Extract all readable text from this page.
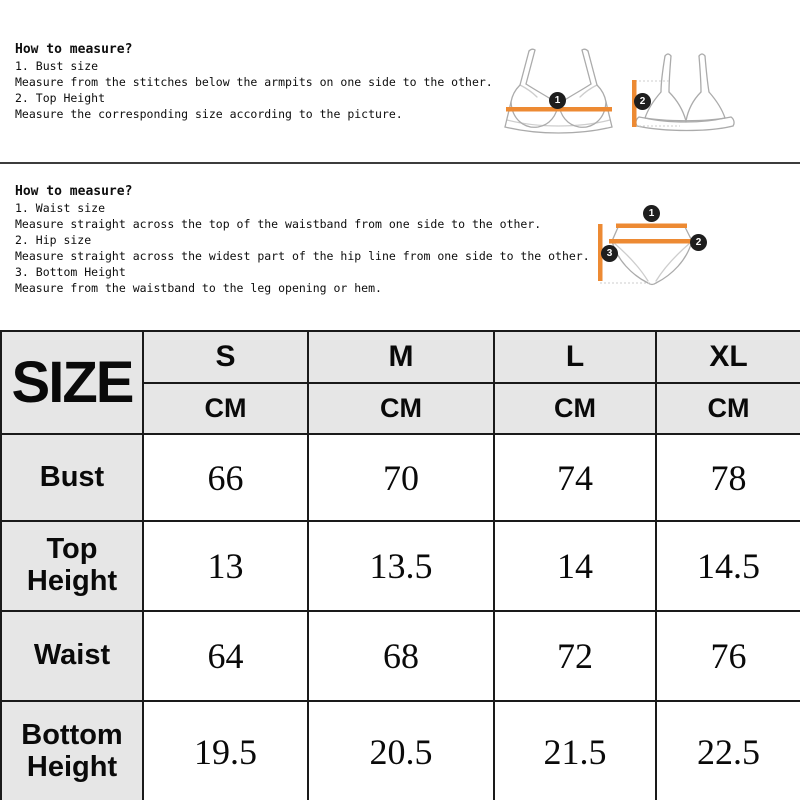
How to measure?
1. Bust size
Measure from the stitches below the armpits on one side to the other.
2. Top Height
Measure the corresponding size according to the picture.
1	2
How to measure?
1. Waist size
Measure straight across the top of the waistband from one side to the other.
2. Hip size
Measure straight across the widest part of the hip line from one side to the other.
3. Bottom Height
Measure from the waistband to the leg opening or hem.
1
2
3
SIZE	S	M	L	XL
	CM	CM	CM	CM
Bust	66	70	74	78
Top Height	13	13.5	14	14.5
Waist	64	68	72	76
Bottom Height	19.5	20.5	21.5	22.5
